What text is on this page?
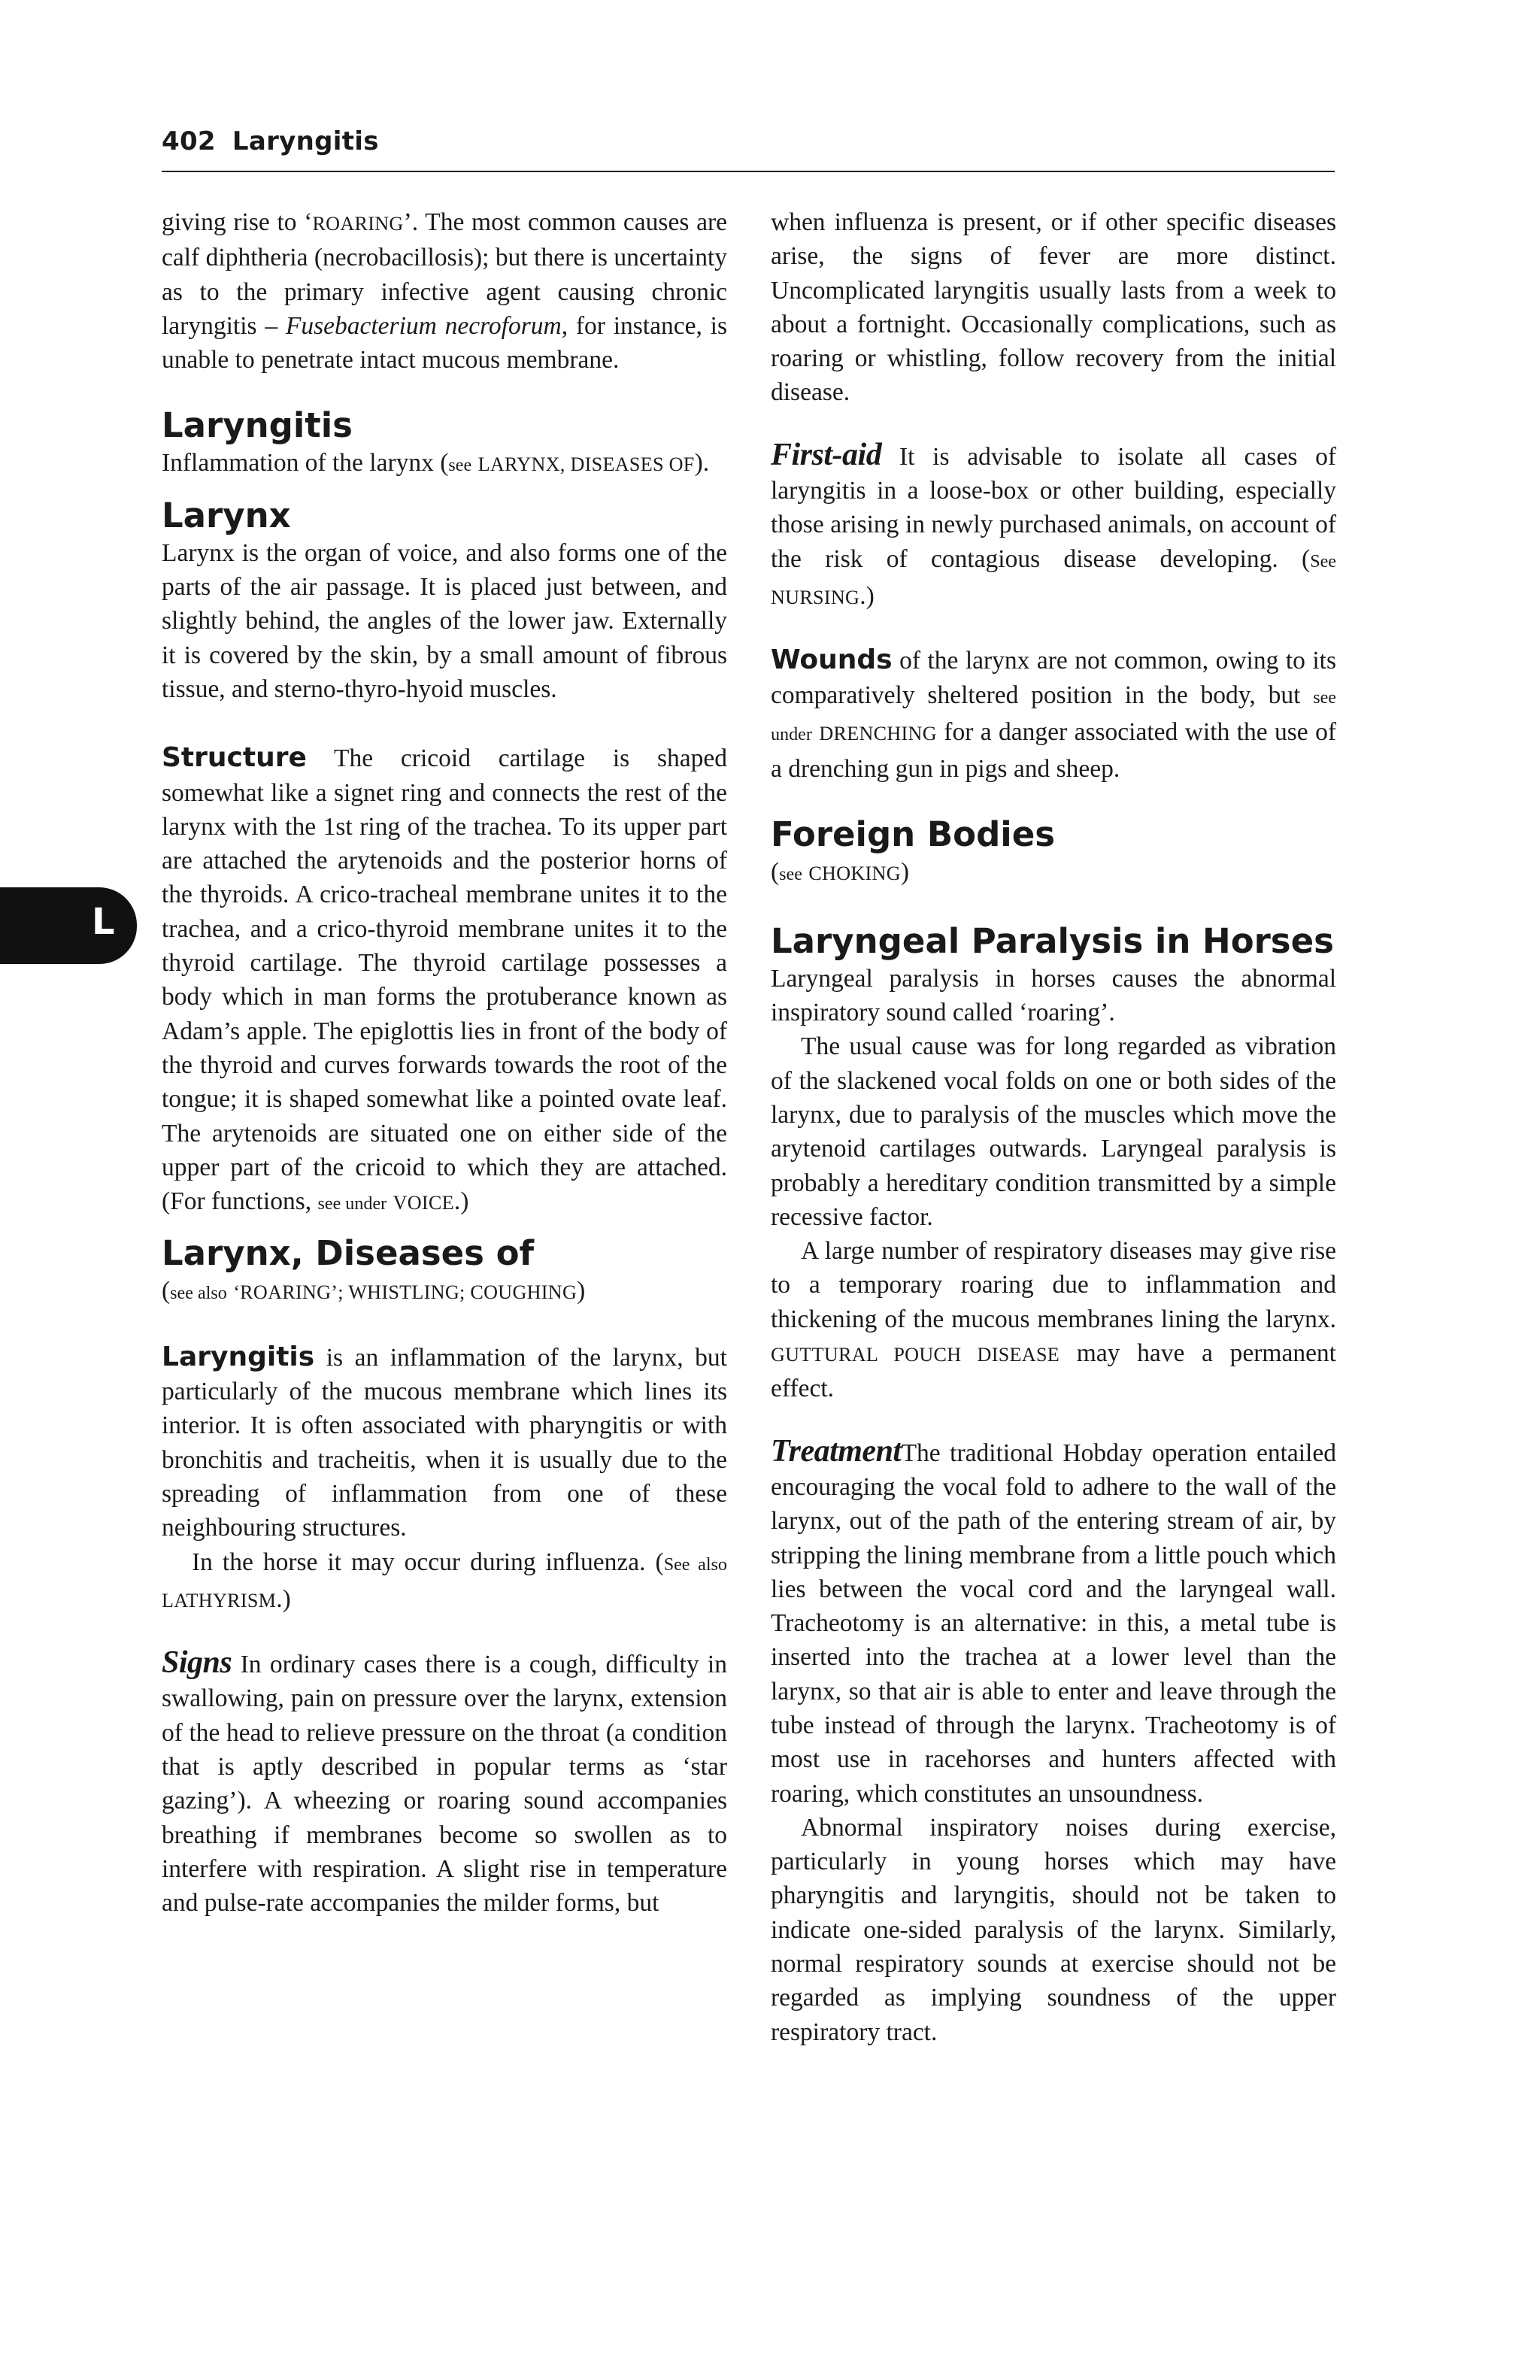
402 Laryngitis
L

giving rise to ‘ROARING’. The most common causes are calf diphtheria (necrobacillosis); but there is uncertainty as to the primary infective agent causing chronic laryngitis – Fusebacterium necroforum, for instance, is unable to penetrate intact mucous membrane.

Laryngitis

Inflammation of the larynx (see LARYNX, DISEASES OF).

Larynx

Larynx is the organ of voice, and also forms one of the parts of the air passage. It is placed just between, and slightly behind, the angles of the lower jaw. Externally it is covered by the skin, by a small amount of fibrous tissue, and sterno-thyro-hyoid muscles.

Structure The cricoid cartilage is shaped somewhat like a signet ring and connects the rest of the larynx with the 1st ring of the trachea. To its upper part are attached the arytenoids and the posterior horns of the thyroids. A crico-tracheal membrane unites it to the trachea, and a crico-thyroid membrane unites it to the thyroid cartilage. The thyroid cartilage possesses a body which in man forms the protuberance known as Adam’s apple. The epiglottis lies in front of the body of the thyroid and curves forwards towards the root of the tongue; it is shaped somewhat like a pointed ovate leaf. The arytenoids are situated one on either side of the upper part of the cricoid to which they are attached. (For functions, see under VOICE.)

Larynx, Diseases of

(see also ‘ROARING’; WHISTLING; COUGHING)

Laryngitis is an inflammation of the larynx, but particularly of the mucous membrane which lines its interior. It is often associated with pharyngitis or with bronchitis and tracheitis, when it is usually due to the spreading of inflammation from one of these neighbouring structures.

In the horse it may occur during influenza. (See also LATHYRISM.)

Signs In ordinary cases there is a cough, difficulty in swallowing, pain on pressure over the larynx, extension of the head to relieve pressure on the throat (a condition that is aptly described in popular terms as ‘star gazing’). A wheezing or roaring sound accompanies breathing if membranes become so swollen as to interfere with respiration. A slight rise in temperature and pulse-rate accompanies the milder forms, but

when influenza is present, or if other specific diseases arise, the signs of fever are more distinct. Uncomplicated laryngitis usually lasts from a week to about a fortnight. Occasionally complications, such as roaring or whistling, follow recovery from the initial disease.

First-aid It is advisable to isolate all cases of laryngitis in a loose-box or other building, especially those arising in newly purchased animals, on account of the risk of contagious disease developing. (See NURSING.)

Wounds of the larynx are not common, owing to its comparatively sheltered position in the body, but see under DRENCHING for a danger associated with the use of a drenching gun in pigs and sheep.

Foreign Bodies

(see CHOKING)

Laryngeal Paralysis in Horses

Laryngeal paralysis in horses causes the abnormal inspiratory sound called ‘roaring’.

The usual cause was for long regarded as vibration of the slackened vocal folds on one or both sides of the larynx, due to paralysis of the muscles which move the arytenoid cartilages outwards. Laryngeal paralysis is probably a hereditary condition transmitted by a simple recessive factor.

A large number of respiratory diseases may give rise to a temporary roaring due to inflammation and thickening of the mucous membranes lining the larynx. GUTTURAL POUCH DISEASE may have a permanent effect.

TreatmentThe traditional Hobday operation entailed encouraging the vocal fold to adhere to the wall of the larynx, out of the path of the entering stream of air, by stripping the lining membrane from a little pouch which lies between the vocal cord and the laryngeal wall. Tracheotomy is an alternative: in this, a metal tube is inserted into the trachea at a lower level than the larynx, so that air is able to enter and leave through the tube instead of through the larynx. Tracheotomy is of most use in racehorses and hunters affected with roaring, which constitutes an unsoundness.

Abnormal inspiratory noises during exercise, particularly in young horses which may have pharyngitis and laryngitis, should not be taken to indicate one-sided paralysis of the larynx. Similarly, normal respiratory sounds at exercise should not be regarded as implying soundness of the upper respiratory tract.
